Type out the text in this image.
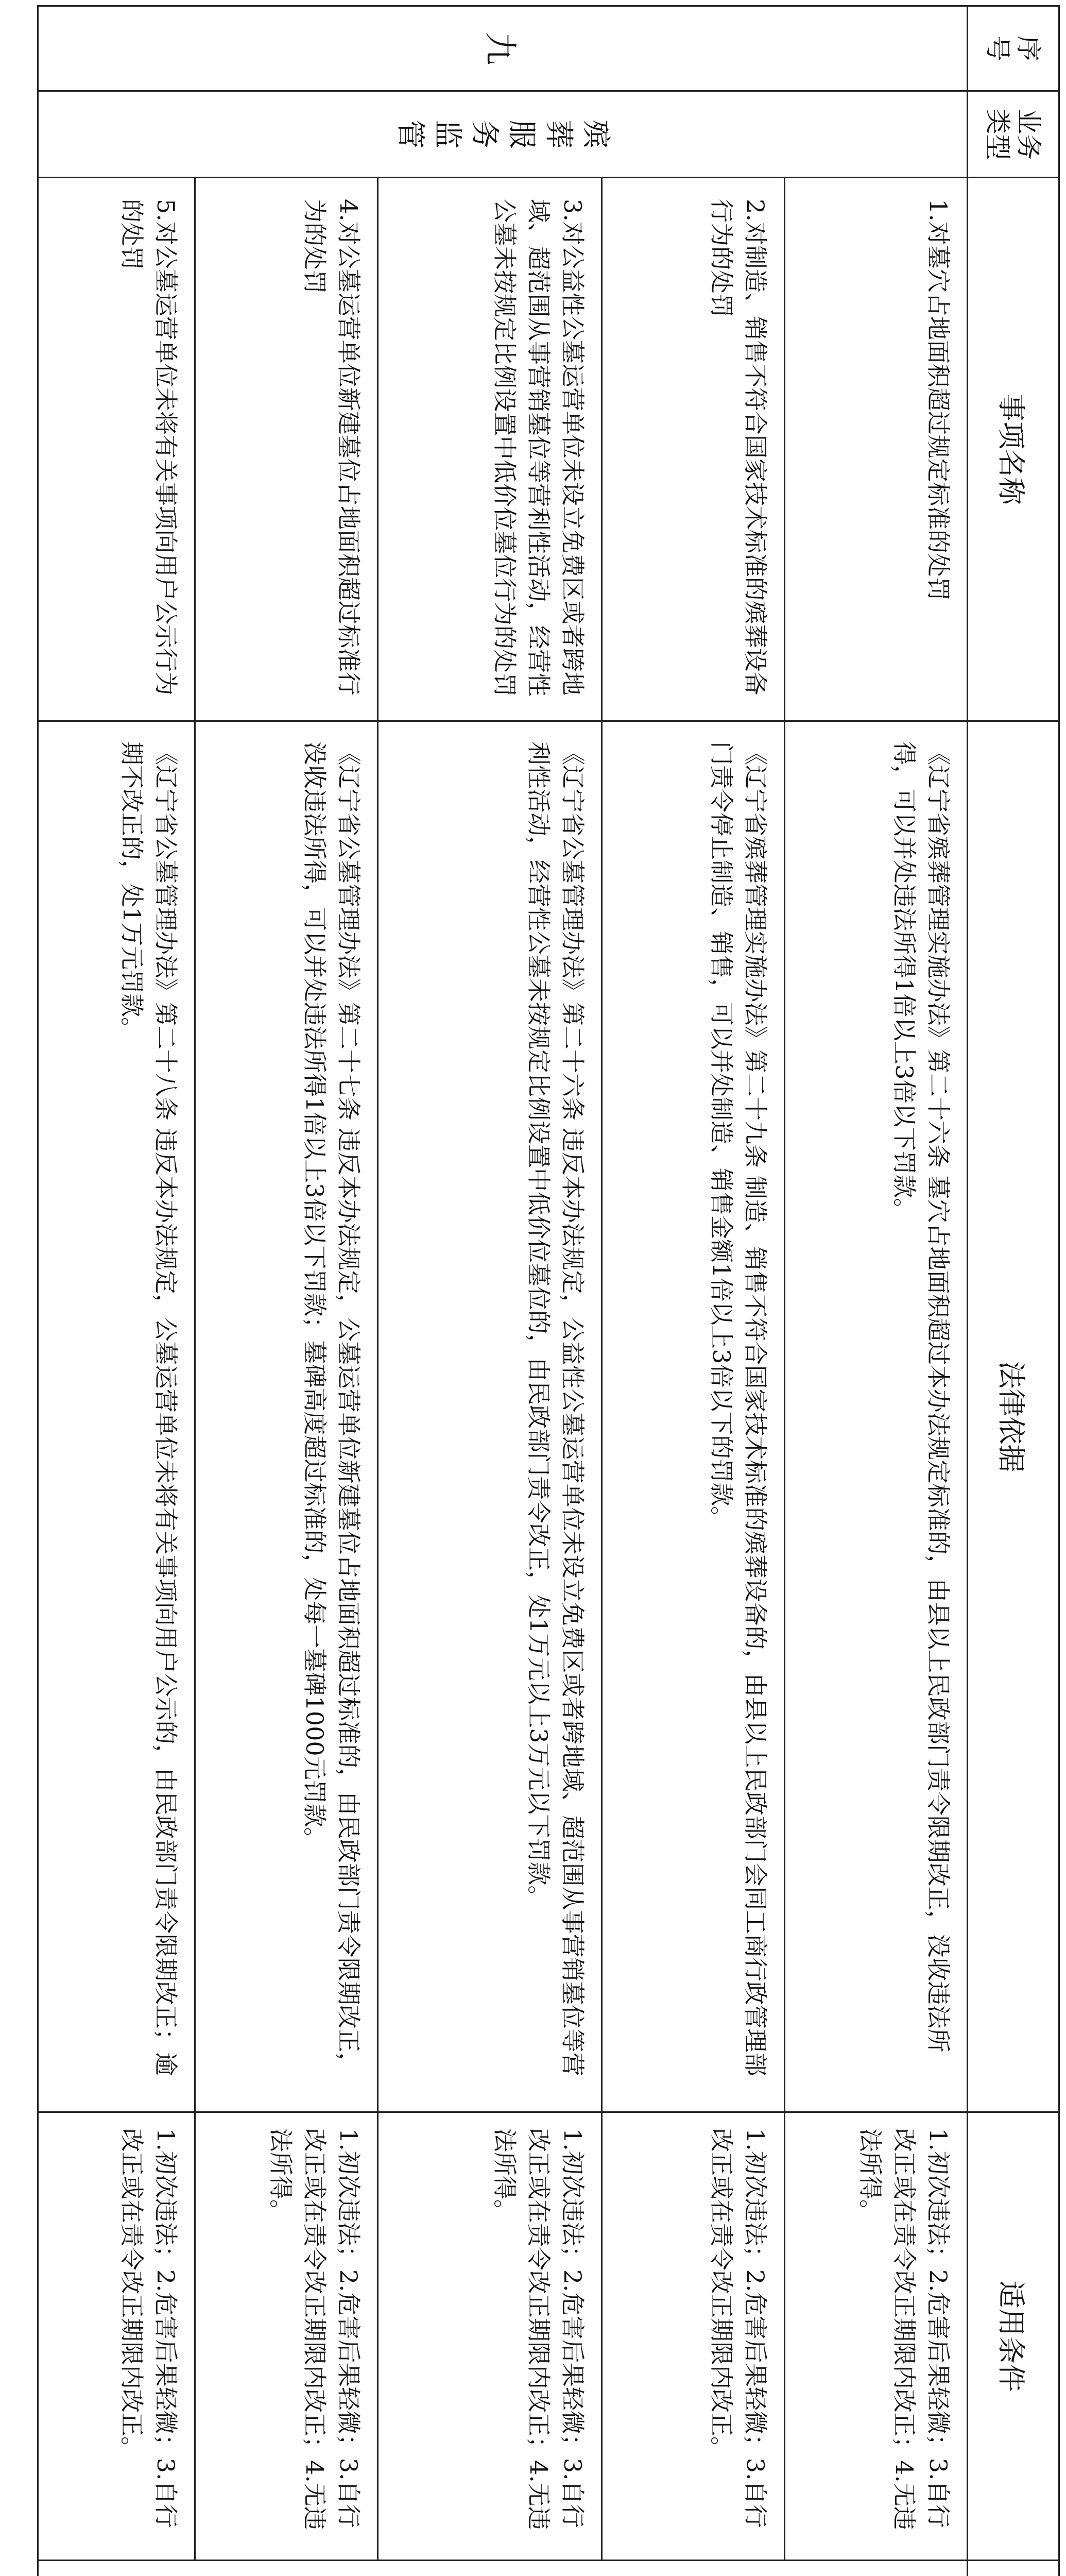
序号	业务类型	事项名称	法律依据	适用条件	
九	殡葬服务监管	1.对墓穴占地面积超过规定标准的处罚	《辽宁省殡葬管理实施办法》第二十六条 墓穴占地面积超过本办法规定标准的，由县以上民政部门责令限期改正，没收违法所得，可以并处违法所得1倍以上3倍以下罚款。	1.初次违法；2.危害后果轻微；3.自行改正或在责令改正期限内改正；4.无违法所得。	
		2.对制造、销售不符合国家技术标准的殡葬设备行为的处罚	《辽宁省殡葬管理实施办法》第二十九条 制造、销售不符合国家技术标准的殡葬设备的，由县以上民政部门会同工商行政管理部门责令停止制造、销售，可以并处制造、销售金额1倍以上3倍以下的罚款。	1.初次违法；2.危害后果轻微；3.自行改正或在责令改正期限内改正。	
		3.对公益性公墓运营单位未设立免费区或者跨地域、超范围从事营销墓位等营利性活动，经营性公墓未按规定比例设置中低价位墓位行为的处罚	《辽宁省公墓管理办法》第二十六条 违反本办法规定，公益性公墓运营单位未设立免费区或者跨地域、超范围从事营销墓位等营利性活动，经营性公墓未按规定比例设置中低价位墓位的，由民政部门责令改正，处1万元以上3万元以下罚款。	1.初次违法；2.危害后果轻微；3.自行改正或在责令改正期限内改正；4.无违法所得。	
		4.对公墓运营单位新建墓位占地面积超过标准行为的处罚	《辽宁省公墓管理办法》第二十七条 违反本办法规定，公墓运营单位新建墓位占地面积超过标准的，由民政部门责令限期改正，没收违法所得，可以并处违法所得1倍以上3倍以下罚款；墓碑高度超过标准的，处每一墓碑1000元罚款。	1.初次违法；2.危害后果轻微；3.自行改正或在责令改正期限内改正；4.无违法所得。	
		5.对公墓运营单位未将有关事项向用户公示行为的处罚	《辽宁省公墓管理办法》第二十八条 违反本办法规定，公墓运营单位未将有关事项向用户公示的，由民政部门责令限期改正；逾期不改正的，处1万元罚款。	1.初次违法；2.危害后果轻微；3.自行改正或在责令改正期限内改正。	
